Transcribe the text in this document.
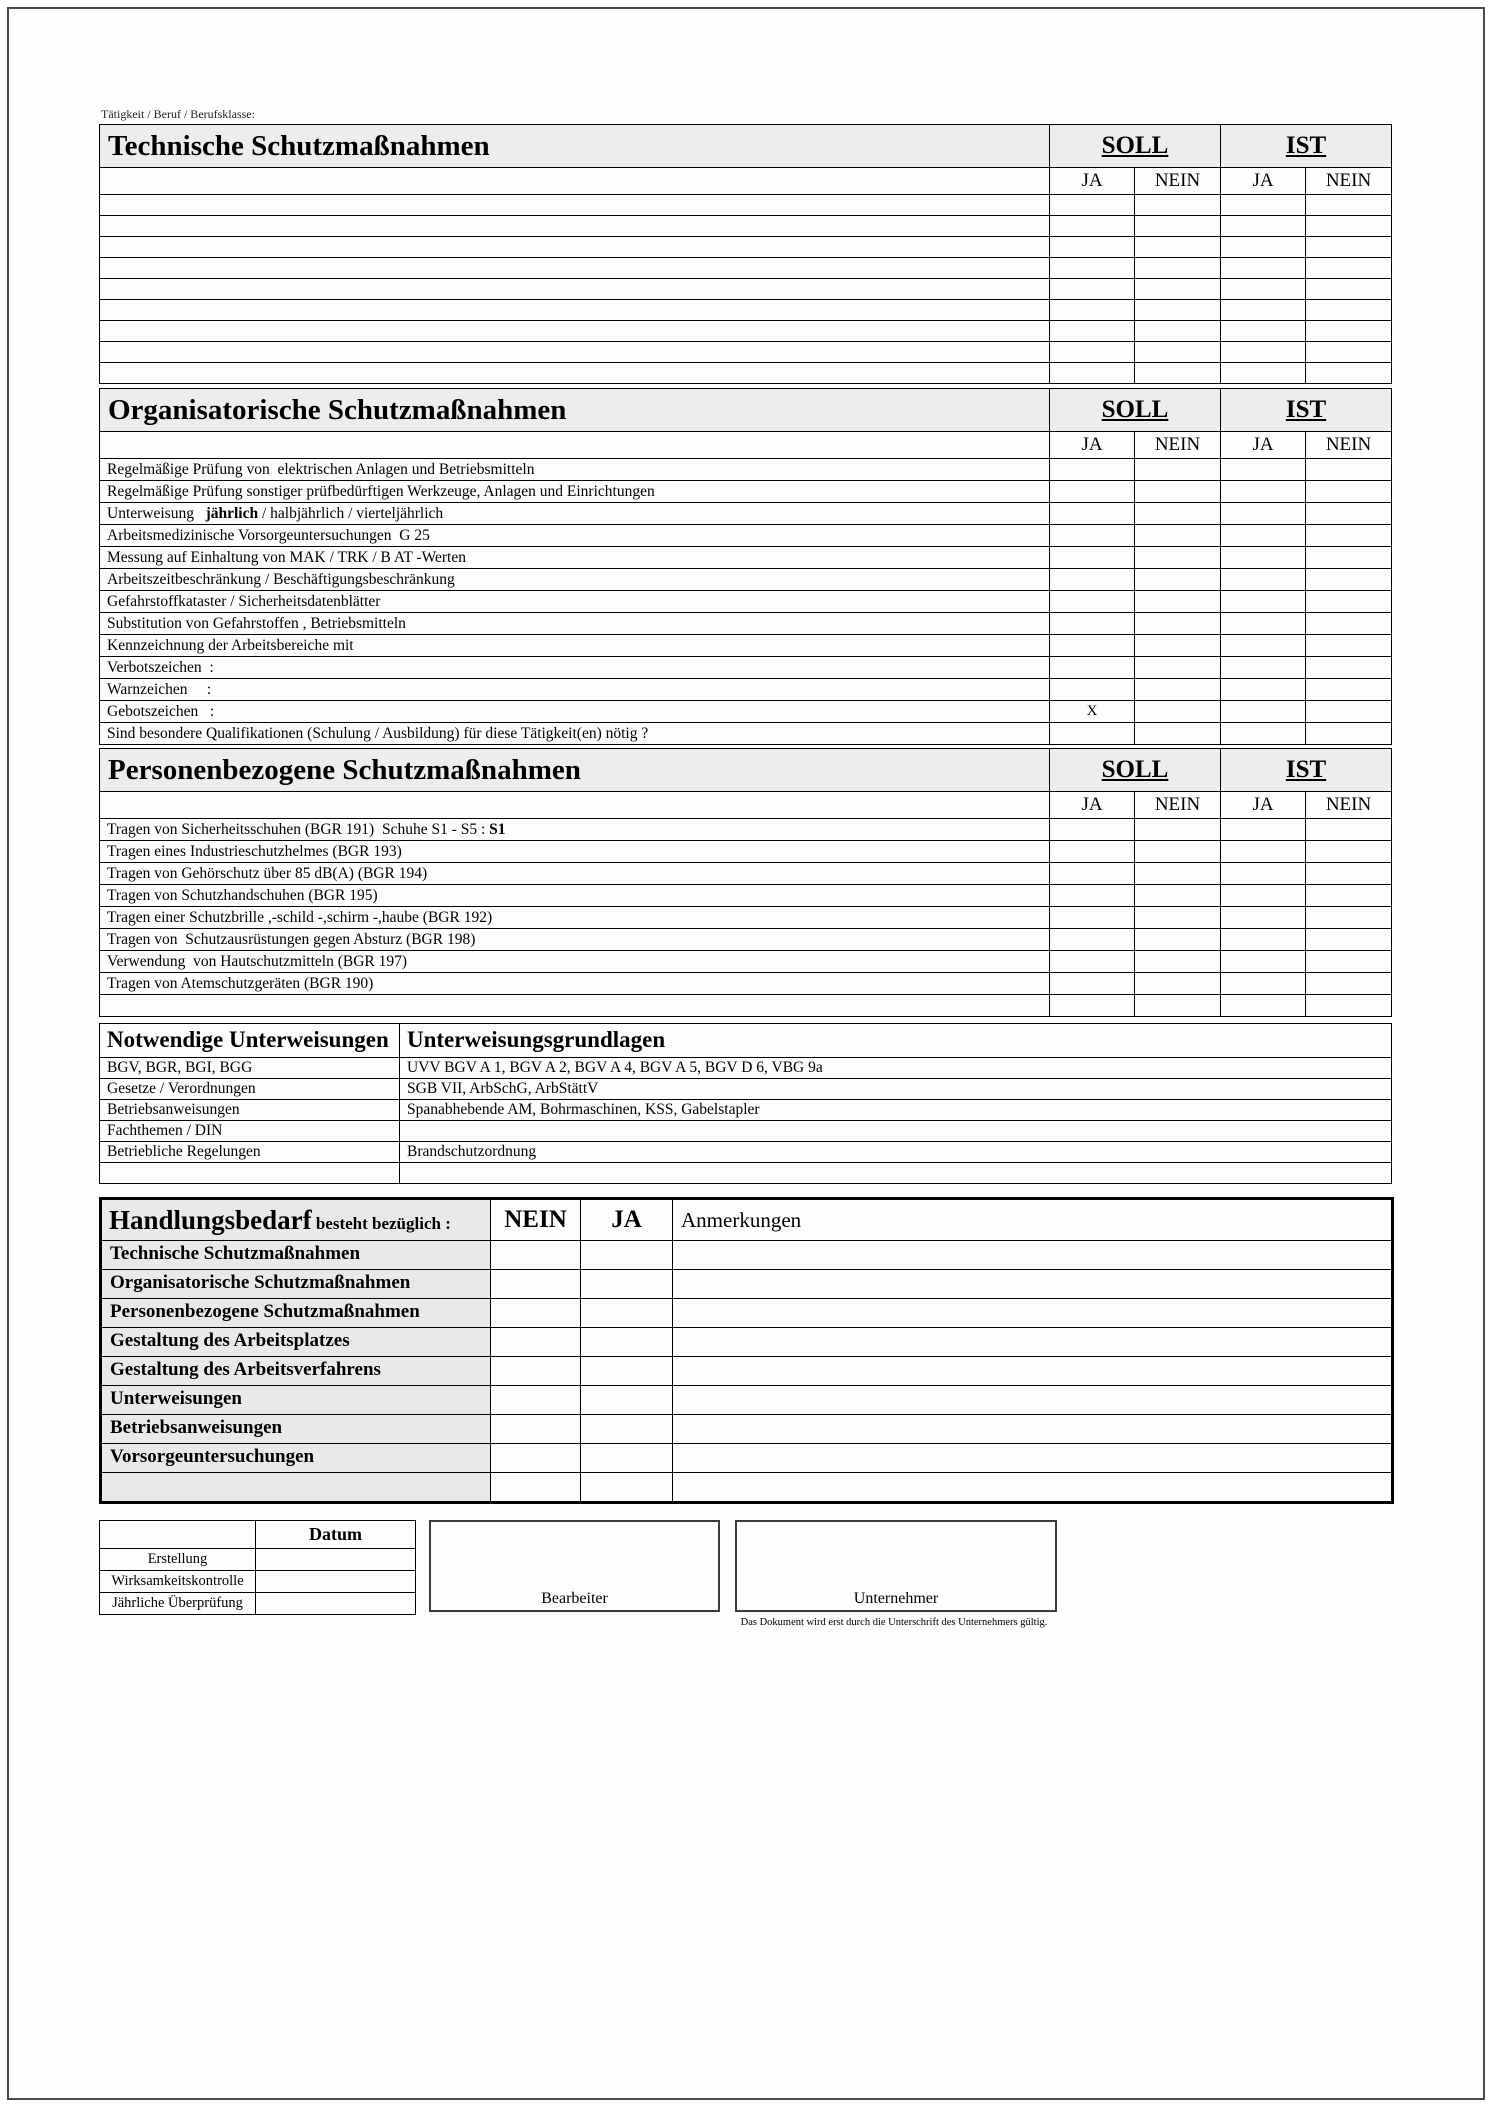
Tätigkeit / Beruf / Berufsklasse:
Technische Schutzmaßnahmen	SOLL		IST	
	JA	NEIN	JA	NEIN

Organisatorische Schutzmaßnahmen	SOLL		IST	
	JA	NEIN	JA	NEIN
Regelmäßige Prüfung von  elektrischen Anlagen und Betriebsmitteln				
Regelmäßige Prüfung sonstiger prüfbedürftigen Werkzeuge, Anlagen und Einrichtungen				
Unterweisung   jährlich / halbjährlich / vierteljährlich				
Arbeitsmedizinische Vorsorgeuntersuchungen  G 25				
Messung auf Einhaltung von MAK / TRK / B AT -Werten				
Arbeitszeitbeschränkung / Beschäftigungsbeschränkung				
Gefahrstoffkataster / Sicherheitsdatenblätter				
Substitution von Gefahrstoffen , Betriebsmitteln				
Kennzeichnung der Arbeitsbereiche mit				
Verbotszeichen  :				
Warnzeichen     :				
Gebotszeichen   :	X			
Sind besondere Qualifikationen (Schulung / Ausbildung) für diese Tätigkeit(en) nötig ?				
Personenbezogene Schutzmaßnahmen	SOLL		IST	
	JA	NEIN	JA	NEIN
Tragen von Sicherheitsschuhen (BGR 191)  Schuhe S1 - S5 : S1				
Tragen eines Industrieschutzhelmes (BGR 193)				
Tragen von Gehörschutz über 85 dB(A) (BGR 194)				
Tragen von Schutzhandschuhen (BGR 195)				
Tragen einer Schutzbrille ,-schild -,schirm -,haube (BGR 192)				
Tragen von  Schutzausrüstungen gegen Absturz (BGR 198)				
Verwendung  von Hautschutzmitteln (BGR 197)				
Tragen von Atemschutzgeräten (BGR 190)				

Notwendige Unterweisungen	Unterweisungsgrundlagen
BGV, BGR, BGI, BGG	UVV BGV A 1, BGV A 2, BGV A 4, BGV A 5, BGV D 6, VBG 9a
Gesetze / Verordnungen	SGB VII, ArbSchG, ArbStättV
Betriebsanweisungen	Spanabhebende AM, Bohrmaschinen, KSS, Gabelstapler
Fachthemen / DIN	
Betriebliche Regelungen	Brandschutzordnung

Handlungsbedarf besteht bezüglich :	NEIN	JA	Anmerkungen
Technische Schutzmaßnahmen			
Organisatorische Schutzmaßnahmen			
Personenbezogene Schutzmaßnahmen			
Gestaltung des Arbeitsplatzes			
Gestaltung des Arbeitsverfahrens			
Unterweisungen			
Betriebsanweisungen			
Vorsorgeuntersuchungen			

	Datum
Erstellung	
Wirksamkeitskontrolle	
Jährliche Überprüfung		Bearbeiter	Unternehmer
Das Dokument wird erst durch die Unterschrift des Unternehmers gültig.
